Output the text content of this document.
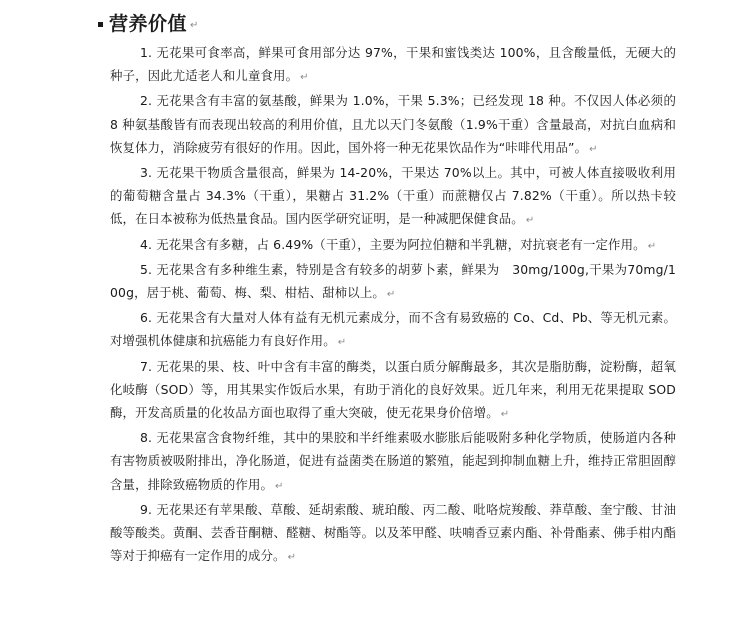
营养价值 ↵

1. 无花果可食率高，鲜果可食用部分达 97%，干果和蜜饯类达 100%，且含酸量低，无硬大的种子，因此尤适老人和儿童食用。 ↵

2. 无花果含有丰富的氨基酸，鲜果为 1.0%，干果 5.3%；已经发现 18 种。不仅因人体必须的 8 种氨基酸皆有而表现出较高的利用价值，且尤以天门冬氨酸（1.9%干重）含量最高，对抗白血病和恢复体力，消除疲劳有很好的作用。因此，国外将一种无花果饮品作为“咔啡代用品”。 ↵

3. 无花果干物质含量很高，鲜果为 14-20%，干果达 70%以上。其中，可被人体直接吸收利用的葡萄糖含量占 34.3%（干重），果糖占 31.2%（干重）而蔗糖仅占 7.82%（干重）。所以热卡较低，在日本被称为低热量食品。国内医学研究证明，是一种减肥保健食品。 ↵

4. 无花果含有多糖，占 6.49%（干重），主要为阿拉伯糖和半乳糖，对抗衰老有一定作用。 ↵

5. 无花果含有多种维生素，特别是含有较多的胡萝卜素，鲜果为　30mg/100g,干果为70mg/100g，居于桃、葡萄、梅、梨、柑桔、甜柿以上。 ↵

6. 无花果含有大量对人体有益有无机元素成分，而不含有易致癌的 Co、Cd、Pb、等无机元素。对增强机体健康和抗癌能力有良好作用。 ↵

7. 无花果的果、枝、叶中含有丰富的酶类，以蛋白质分解酶最多，其次是脂肪酶，淀粉酶，超氧化岐酶（SOD）等，用其果实作饭后水果，有助于消化的良好效果。近几年来，利用无花果提取 SOD 酶，开发高质量的化妆品方面也取得了重大突破，使无花果身价倍增。 ↵

8. 无花果富含食物纤维，其中的果胶和半纤维素吸水膨胀后能吸附多种化学物质，使肠道内各种有害物质被吸附排出，净化肠道，促进有益菌类在肠道的繁殖，能起到抑制血糖上升，维持正常胆固醇含量，排除致癌物质的作用。 ↵

9. 无花果还有苹果酸、草酸、延胡索酸、琥珀酸、丙二酸、吡咯烷羧酸、莽草酸、奎宁酸、甘油酸等酸类。黄酮、芸香苷酮糖、醛糖、树酯等。以及苯甲醛、呋喃香豆素内酯、补骨酯素、佛手柑内酯等对于抑癌有一定作用的成分。 ↵
